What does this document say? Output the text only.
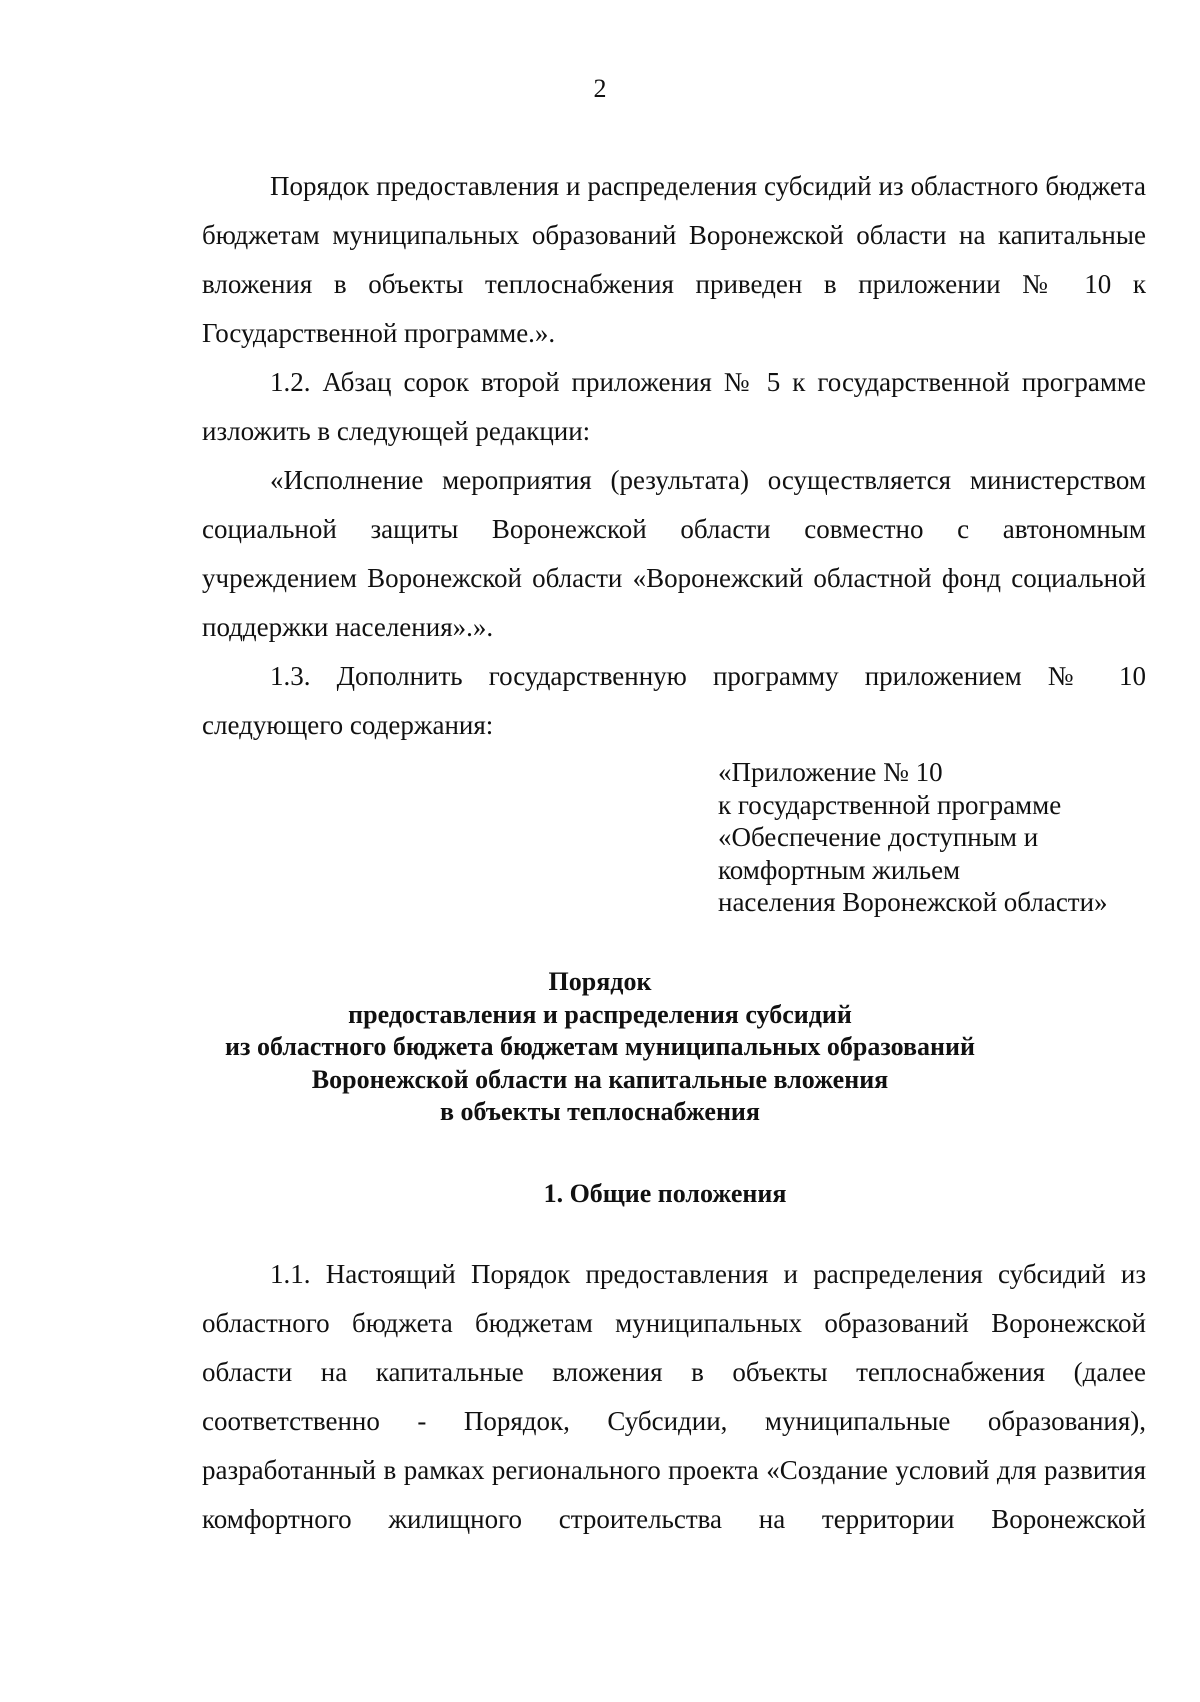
2

Порядок предоставления и распределения субсидий из областного бюджета бюджетам муниципальных образований Воронежской области на капитальные вложения в объекты теплоснабжения приведен в приложении № 10 к Государственной программе.».

1.2. Абзац сорок второй приложения № 5 к государственной программе изложить в следующей редакции:

«Исполнение мероприятия (результата) осуществляется министерством социальной защиты Воронежской области совместно с автономным учреждением Воронежской области «Воронежский областной фонд социальной поддержки населения».».

1.3. Дополнить государственную программу приложением № 10 следующего содержания:

«Приложение № 10
к государственной программе
«Обеспечение доступным и
комфортным жильем
населения Воронежской области»
Порядок
предоставления и распределения субсидий
из областного бюджета бюджетам муниципальных образований
Воронежской области на капитальные вложения
в объекты теплоснабжения
1. Общие положения

1.1. Настоящий Порядок предоставления и распределения субсидий из областного бюджета бюджетам муниципальных образований Воронежской области на капитальные вложения в объекты теплоснабжения (далее соответственно - Порядок, Субсидии, муниципальные образования), разработанный в рамках регионального проекта «Создание условий для развития комфортного жилищного строительства на территории Воронежской
